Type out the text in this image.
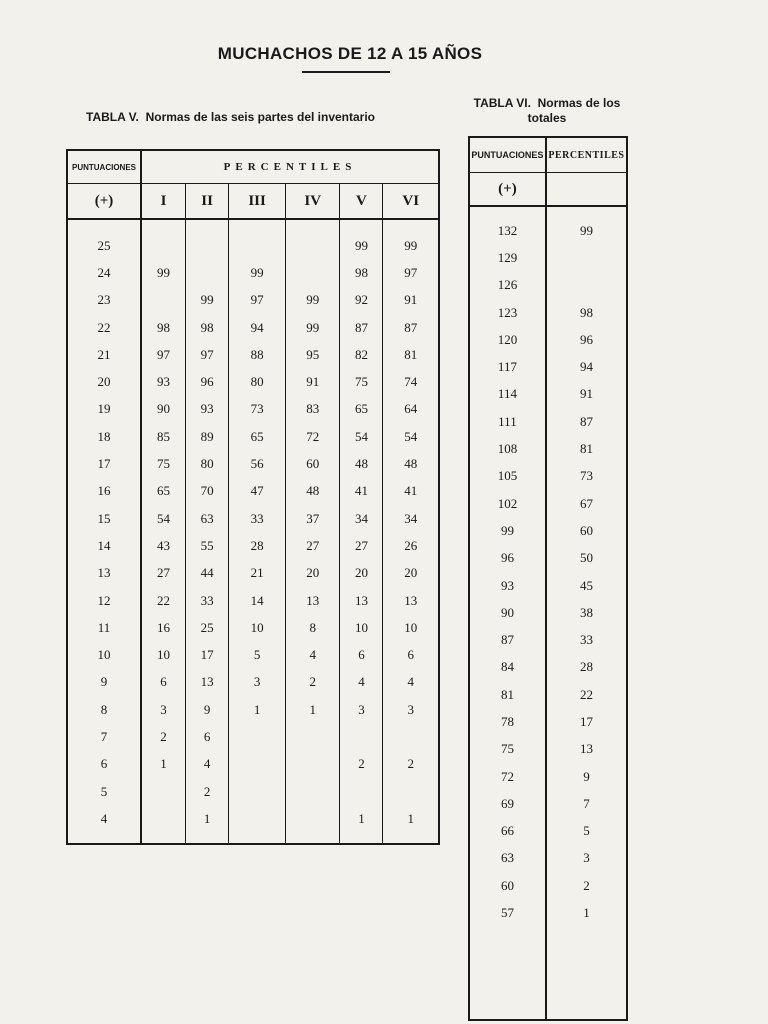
MUCHACHOS DE 12 A 15 AÑOS
TABLA V. Normas de las seis partes del inventario
TABLA VI. Normas de los
totales
PUNTUACIONES	PERCENTILES					
(+)	I	II	III	IV	V	VI
25					99	99
24	99		99		98	97
23		99	97	99	92	91
22	98	98	94	99	87	87
21	97	97	88	95	82	81
20	93	96	80	91	75	74
19	90	93	73	83	65	64
18	85	89	65	72	54	54
17	75	80	56	60	48	48
16	65	70	47	48	41	41
15	54	63	33	37	34	34
14	43	55	28	27	27	26
13	27	44	21	20	20	20
12	22	33	14	13	13	13
11	16	25	10	8	10	10
10	10	17	5	4	6	6
9	6	13	3	2	4	4
8	3	9	1	1	3	3
7	2	6				
6	1	4			2	2
5		2				
4		1			1	1
PUNTUACIONES	PERCENTILES
(+)	
132	99
129	
126	
123	98
120	96
117	94
114	91
111	87
108	81
105	73
102	67
99	60
96	50
93	45
90	38
87	33
84	28
81	22
78	17
75	13
72	9
69	7
66	5
63	3
60	2
57	1
